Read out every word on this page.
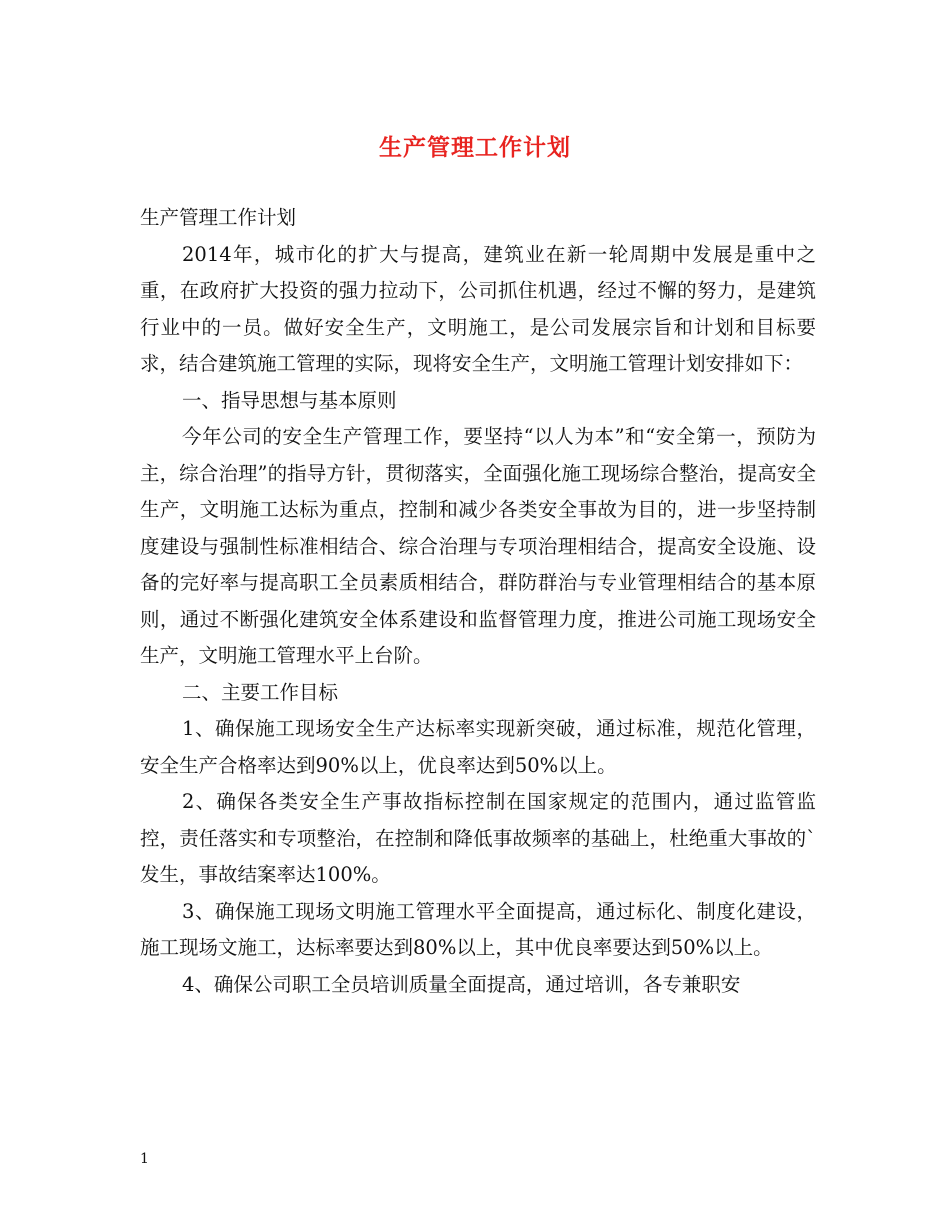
生产管理工作计划

生产管理工作计划

2014年，城市化的扩大与提高，建筑业在新一轮周期中发展是重中之重，在政府扩大投资的强力拉动下，公司抓住机遇，经过不懈的努力，是建筑行业中的一员。做好安全生产，文明施工，是公司发展宗旨和计划和目标要求，结合建筑施工管理的实际，现将安全生产，文明施工管理计划安排如下：

一、指导思想与基本原则

今年公司的安全生产管理工作，要坚持“以人为本”和“安全第一，预防为主，综合治理”的指导方针，贯彻落实，全面强化施工现场综合整治，提高安全生产，文明施工达标为重点，控制和减少各类安全事故为目的，进一步坚持制度建设与强制性标准相结合、综合治理与专项治理相结合，提高安全设施、设备的完好率与提高职工全员素质相结合，群防群治与专业管理相结合的基本原则，通过不断强化建筑安全体系建设和监督管理力度，推进公司施工现场安全生产，文明施工管理水平上台阶。

二、主要工作目标

1、确保施工现场安全生产达标率实现新突破，通过标准，规范化管理，安全生产合格率达到90%以上，优良率达到50%以上。

2、确保各类安全生产事故指标控制在国家规定的范围内，通过监管监控，责任落实和专项整治，在控制和降低事故频率的基础上，杜绝重大事故的`发生，事故结案率达100%。

3、确保施工现场文明施工管理水平全面提高，通过标化、制度化建设，施工现场文施工，达标率要达到80%以上，其中优良率要达到50%以上。

4、确保公司职工全员培训质量全面提高，通过培训，各专兼职安

1
